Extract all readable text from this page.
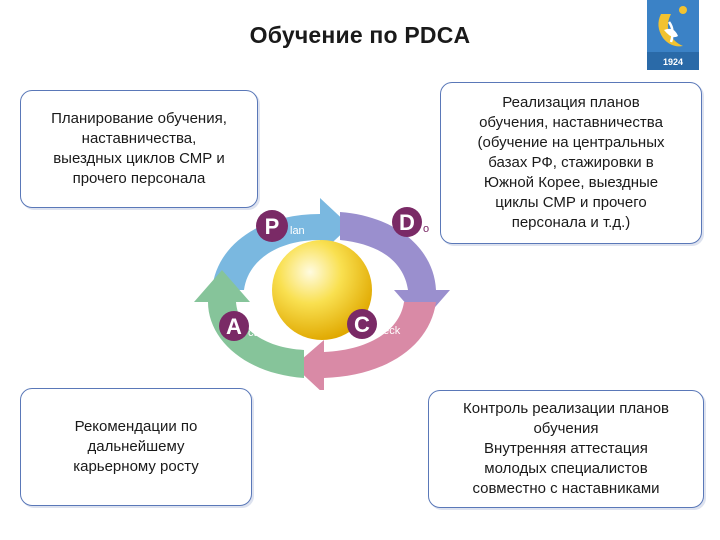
Обучение по PDCA
1924
Планирование обучения,
наставничества,
выездных циклов СМР и
прочего персонала
Реализация планов
обучения, наставничества
(обучение на центральных
базах РФ, стажировки в
Южной Корее, выездные
циклы СМР и прочего
персонала и т.д.)
Рекомендации по
дальнейшему
карьерному росту
Контроль реализации планов
обучения
Внутренняя аттестация
молодых специалистов
совместно с наставниками
P lan	D o
C heck
A ct
